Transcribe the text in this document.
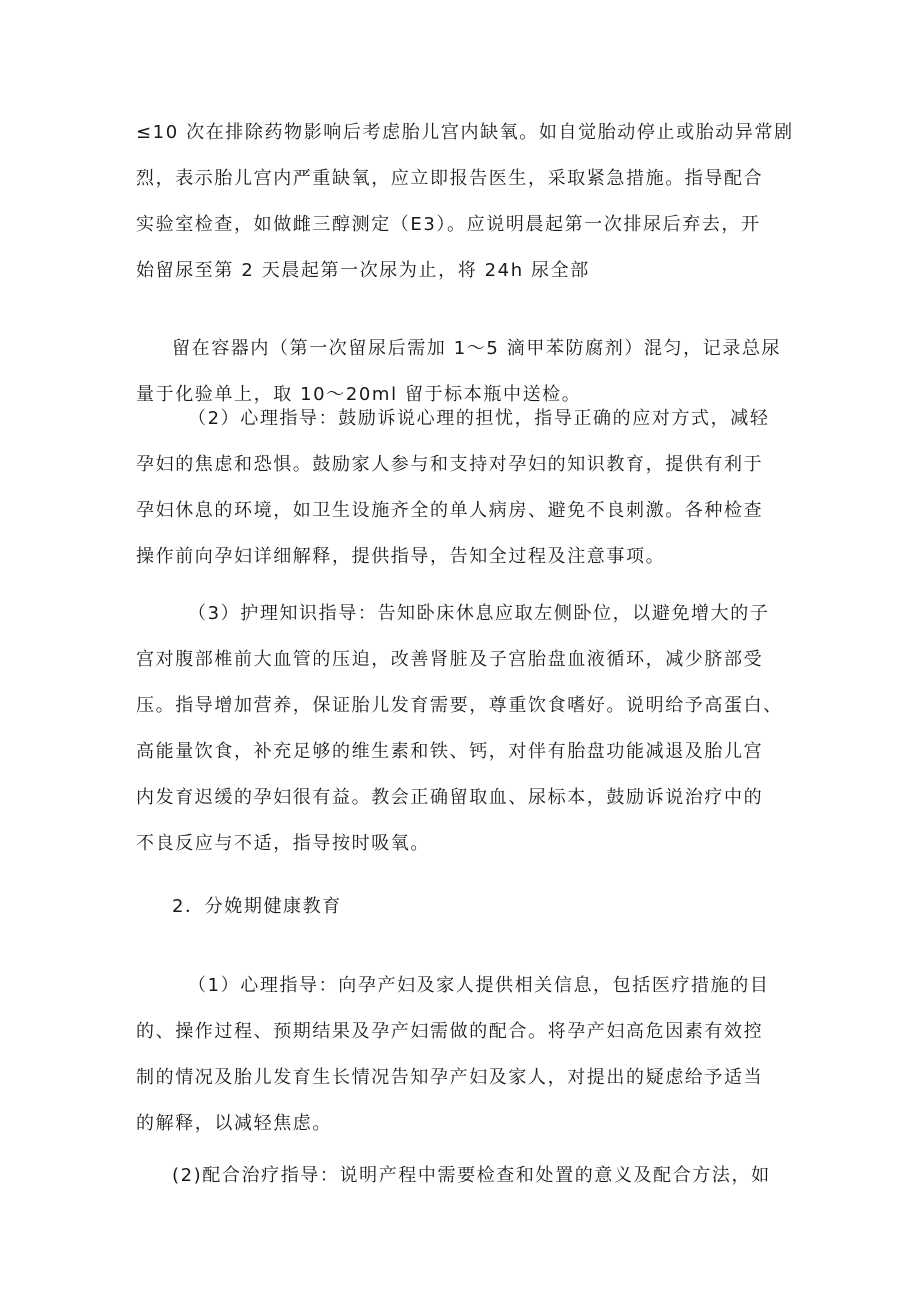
≤10 次在排除药物影响后考虑胎儿宫内缺氧。如自觉胎动停止或胎动异常剧
烈，表示胎儿宫内严重缺氧，应立即报告医生，采取紧急措施。指导配合
实验室检查，如做雌三醇测定（E3）。应说明晨起第一次排尿后弃去，开
始留尿至第 2 天晨起第一次尿为止，将 24h 尿全部
留在容器内（第一次留尿后需加 1～5 滴甲苯防腐剂）混匀，记录总尿
量于化验单上，取 10～20ml 留于标本瓶中送检。
（2）心理指导：鼓励诉说心理的担忧，指导正确的应对方式，减轻
孕妇的焦虑和恐惧。鼓励家人参与和支持对孕妇的知识教育，提供有利于
孕妇休息的环境，如卫生设施齐全的单人病房、避免不良刺激。各种检查
操作前向孕妇详细解释，提供指导，告知全过程及注意事项。
（3）护理知识指导：告知卧床休息应取左侧卧位，以避免增大的子
宫对腹部椎前大血管的压迫，改善肾脏及子宫胎盘血液循环，减少脐部受
压。指导增加营养，保证胎儿发育需要，尊重饮食嗜好。说明给予高蛋白、
高能量饮食，补充足够的维生素和铁、钙，对伴有胎盘功能减退及胎儿宫
内发育迟缓的孕妇很有益。教会正确留取血、尿标本，鼓励诉说治疗中的
不良反应与不适，指导按时吸氧。
2．分娩期健康教育
（1）心理指导：向孕产妇及家人提供相关信息，包括医疗措施的目
的、操作过程、预期结果及孕产妇需做的配合。将孕产妇高危因素有效控
制的情况及胎儿发育生长情况告知孕产妇及家人，对提出的疑虑给予适当
的解释，以减轻焦虑。
(2)配合治疗指导：说明产程中需要检查和处置的意义及配合方法，如
